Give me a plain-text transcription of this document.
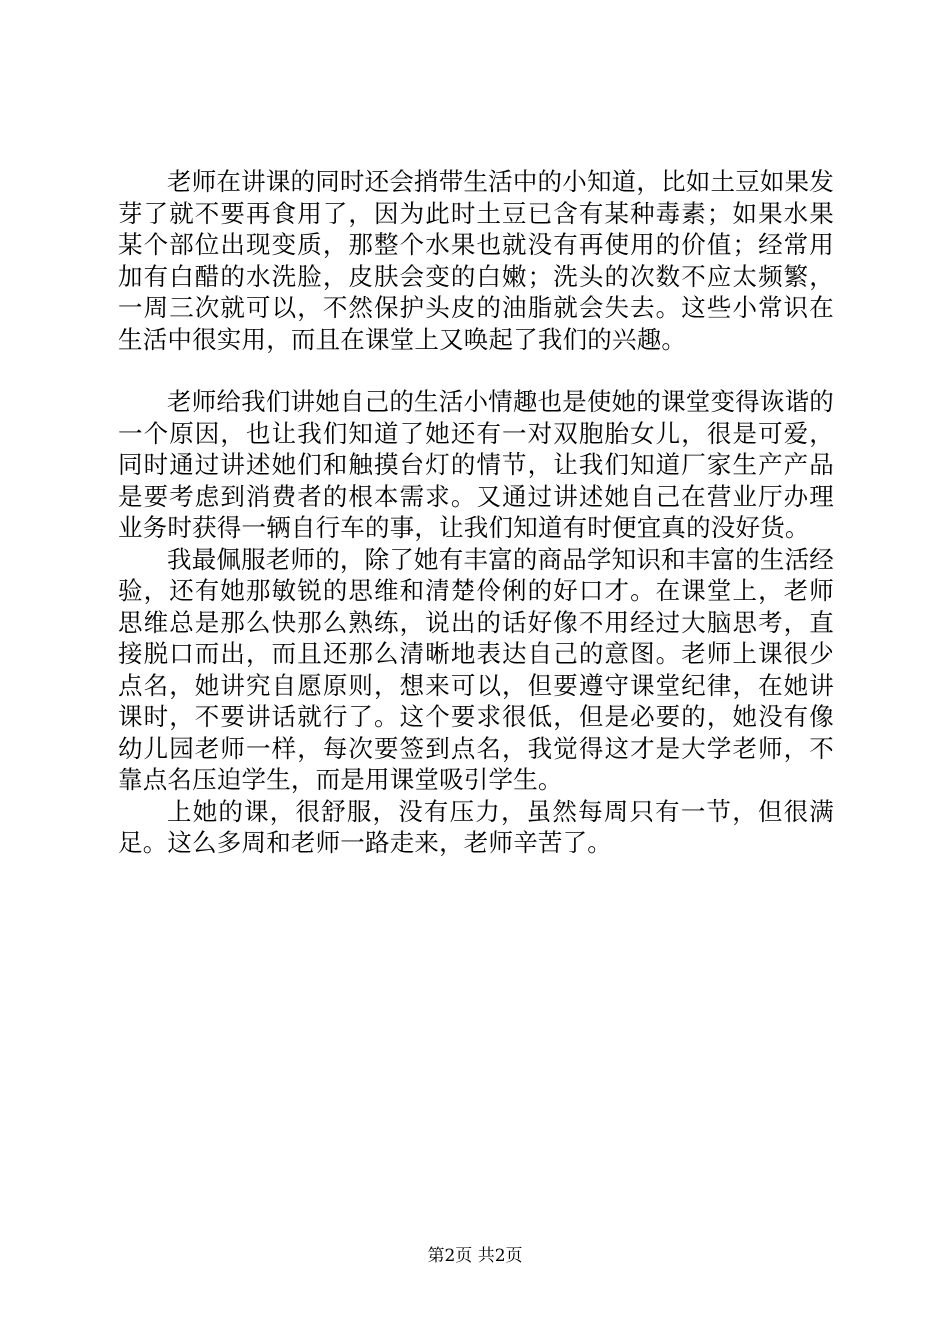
老师在讲课的同时还会捎带生活中的小知道，比如土豆如果发芽了就不要再食用了，因为此时土豆已含有某种毒素；如果水果某个部位出现变质，那整个水果也就没有再使用的价值；经常用加有白醋的水洗脸，皮肤会变的白嫩；洗头的次数不应太频繁，一周三次就可以，不然保护头皮的油脂就会失去。这些小常识在生活中很实用，而且在课堂上又唤起了我们的兴趣。

老师给我们讲她自己的生活小情趣也是使她的课堂变得诙谐的一个原因，也让我们知道了她还有一对双胞胎女儿，很是可爱，同时通过讲述她们和触摸台灯的情节，让我们知道厂家生产产品是要考虑到消费者的根本需求。又通过讲述她自己在营业厅办理业务时获得一辆自行车的事，让我们知道有时便宜真的没好货。

我最佩服老师的，除了她有丰富的商品学知识和丰富的生活经验，还有她那敏锐的思维和清楚伶俐的好口才。在课堂上，老师思维总是那么快那么熟练，说出的话好像不用经过大脑思考，直接脱口而出，而且还那么清晰地表达自己的意图。老师上课很少点名，她讲究自愿原则，想来可以，但要遵守课堂纪律，在她讲课时，不要讲话就行了。这个要求很低，但是必要的，她没有像幼儿园老师一样，每次要签到点名，我觉得这才是大学老师，不靠点名压迫学生，而是用课堂吸引学生。

上她的课，很舒服，没有压力，虽然每周只有一节，但很满足。这么多周和老师一路走来，老师辛苦了。

第2页 共2页
